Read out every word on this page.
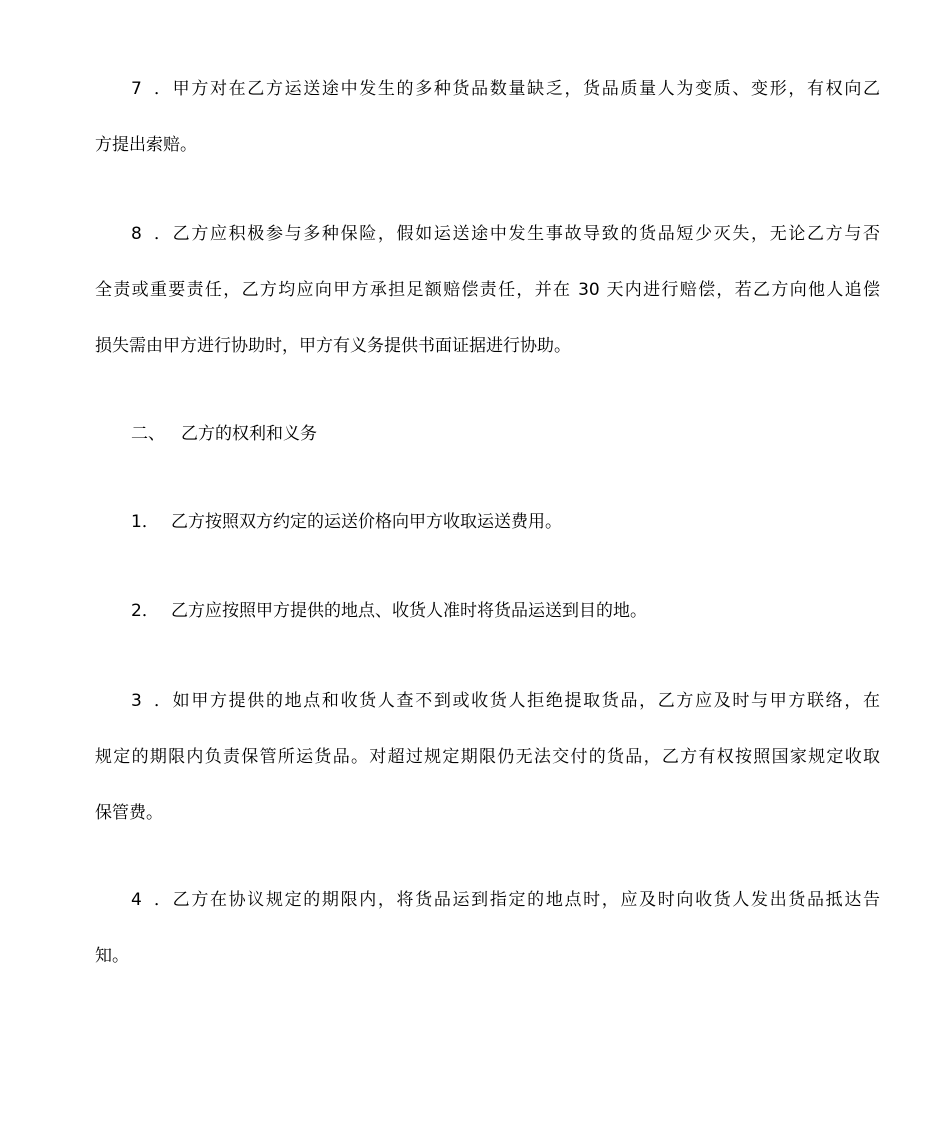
7．甲方对在乙方运送途中发生的多种货品数量缺乏，货品质量人为变质、变形，有权向乙
方提出索赔。
8．乙方应积极参与多种保险，假如运送途中发生事故导致的货品短少灭失，无论乙方与否
全责或重要责任，乙方均应向甲方承担足额赔偿责任，并在 30 天内进行赔偿，若乙方向他人追偿
损失需由甲方进行协助时，甲方有义务提供书面证据进行协助。
二、 乙方的权利和义务
1． 乙方按照双方约定的运送价格向甲方收取运送费用。
2． 乙方应按照甲方提供的地点、收货人准时将货品运送到目的地。
3．如甲方提供的地点和收货人查不到或收货人拒绝提取货品，乙方应及时与甲方联络，在
规定的期限内负责保管所运货品。对超过规定期限仍无法交付的货品，乙方有权按照国家规定收取
保管费。
4．乙方在协议规定的期限内，将货品运到指定的地点时，应及时向收货人发出货品抵达告
知。
